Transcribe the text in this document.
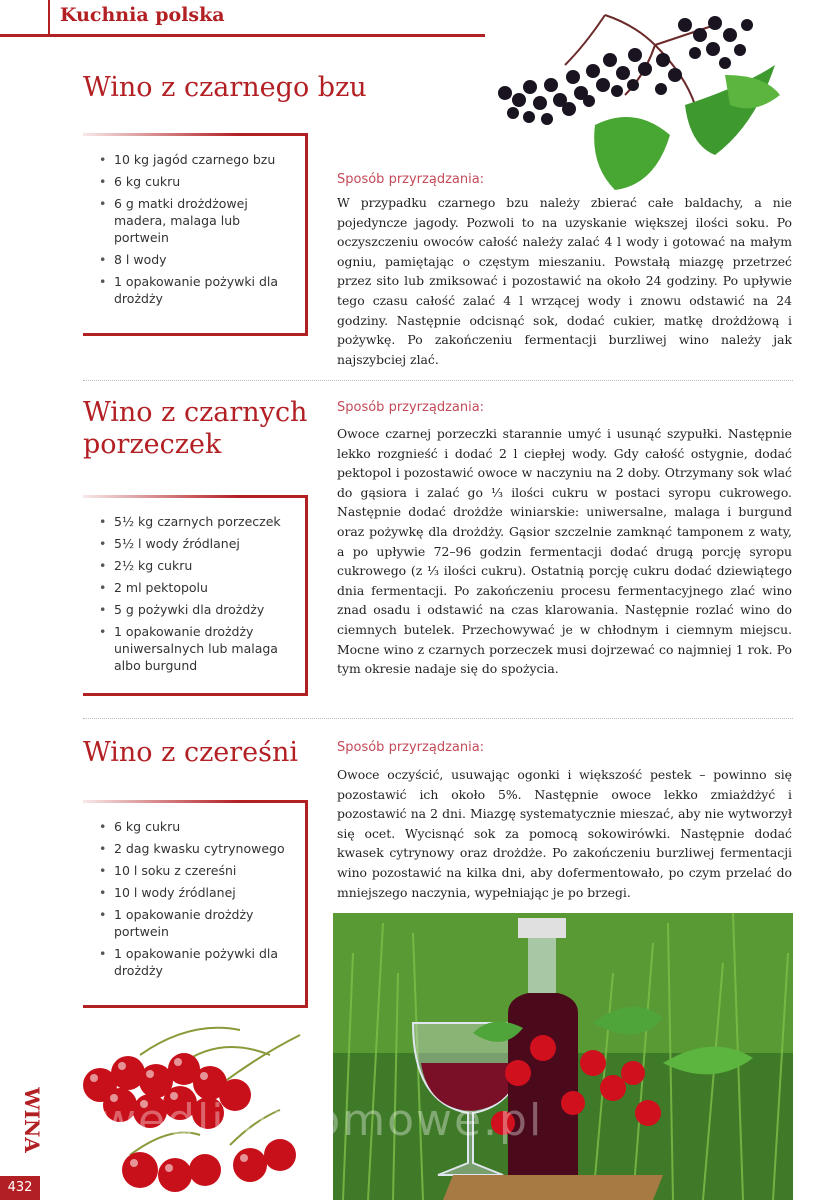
Kuchnia polska
Wino z czarnego bzu
• 10 kg jagód czarnego bzu
• 6 kg cukru
• 6 g matki drożdżowej madera, malaga lub portwein
• 8 l wody
• 1 opakowanie pożywki dla drożdży
Sposób przyrządzania:

W przypadku czarnego bzu należy zbierać całe baldachy, a nie pojedyncze jagody. Pozwoli to na uzyskanie większej ilości soku. Po oczyszczeniu owoców całość należy zalać 4 l wody i gotować na małym ogniu, pamiętając o częstym mieszaniu. Powstałą miazgę przetrzeć przez sito lub zmiksować i pozostawić na około 24 godziny. Po upływie tego czasu całość zalać 4 l wrzącej wody i znowu odstawić na 24 godziny. Następnie odcisnąć sok, dodać cukier, matkę drożdżową i pożywkę. Po zakończeniu fermentacji burzliwej wino należy jak najszybciej zlać.

Wino z czarnych
porzeczek
• 5½ kg czarnych porzeczek
• 5½ l wody źródlanej
• 2½ kg cukru
• 2 ml pektopolu
• 5 g pożywki dla drożdży
• 1 opakowanie drożdży uniwersalnych lub malaga albo burgund
Sposób przyrządzania:

Owoce czarnej porzeczki starannie umyć i usunąć szypułki. Następnie lekko rozgnieść i dodać 2 l ciepłej wody. Gdy całość ostygnie, dodać pektopol i pozostawić owoce w naczyniu na 2 doby. Otrzymany sok wlać do gąsiora i zalać go ⅓ ilości cukru w postaci syropu cukrowego. Następnie dodać drożdże winiarskie: uniwersalne, malaga i burgund oraz pożywkę dla drożdży. Gąsior szczelnie zamknąć tamponem z waty, a po upływie 72–96 godzin fermentacji dodać drugą porcję syropu cukrowego (z ⅓ ilości cukru). Ostatnią porcję cukru dodać dziewiątego dnia fermentacji. Po zakończeniu procesu fermentacyjnego zlać wino znad osadu i odstawić na czas klarowania. Następnie rozlać wino do ciemnych butelek. Przechowywać je w chłodnym i ciemnym miejscu. Mocne wino z czarnych porzeczek musi dojrzewać co najmniej 1 rok. Po tym okresie nadaje się do spożycia.

Wino z czereśni
• 6 kg cukru
• 2 dag kwasku cytrynowego
• 10 l soku z czereśni
• 10 l wody źródlanej
• 1 opakowanie drożdży portwein
• 1 opakowanie pożywki dla drożdży
Sposób przyrządzania:

Owoce oczyścić, usuwając ogonki i większość pestek – powinno się pozostawić ich około 5%. Następnie owoce lekko zmiażdżyć i pozostawić na 2 dni. Miazgę systematycznie mieszać, aby nie wytworzył się ocet. Wycisnąć sok za pomocą sokowirówki. Następnie dodać kwasek cytrynowy oraz drożdże. Po zakończeniu burzliwej fermentacji wino pozostawić na kilka dni, aby dofermentowało, po czym przelać do mniejszego naczynia, wypełniając je po brzegi.

wedlinydomowe.pl
WINA
432
